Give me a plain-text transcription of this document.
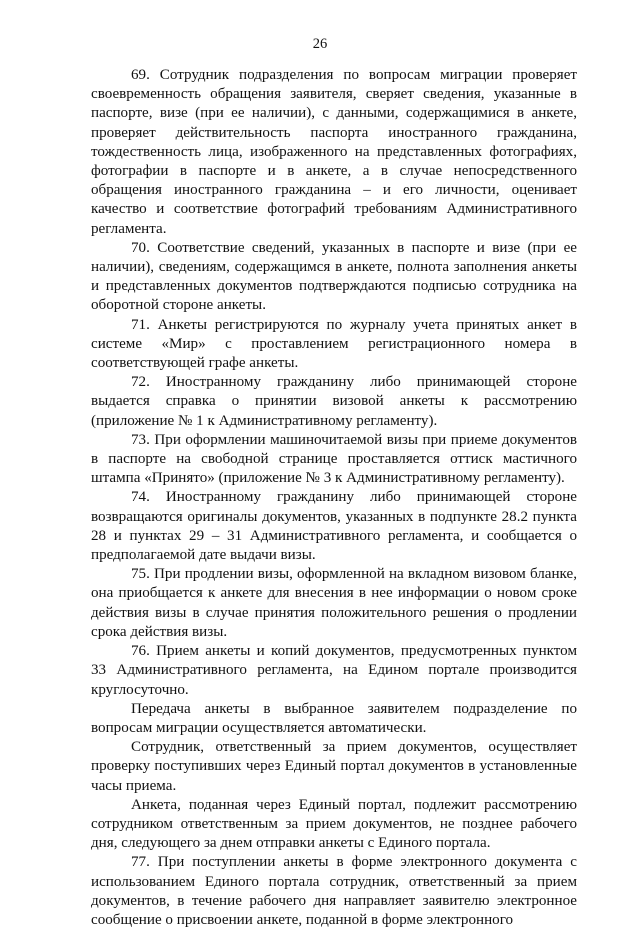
26

69. Сотрудник подразделения по вопросам миграции проверяет своевременность обращения заявителя, сверяет сведения, указанные в паспорте, визе (при ее наличии), с данными, содержащимися в анкете, проверяет действительность паспорта иностранного гражданина, тождественность лица, изображенного на представленных фотографиях, фотографии в паспорте и в анкете, а в случае непосредственного обращения иностранного гражданина – и его личности, оценивает качество и соответствие фотографий требованиям Административного регламента.

70. Соответствие сведений, указанных в паспорте и визе (при ее наличии), сведениям, содержащимся в анкете, полнота заполнения анкеты и представленных документов подтверждаются подписью сотрудника на оборотной стороне анкеты.

71. Анкеты регистрируются по журналу учета принятых анкет в системе «Мир» с проставлением регистрационного номера в соответствующей графе анкеты.

72. Иностранному гражданину либо принимающей стороне выдается справка о принятии визовой анкеты к рассмотрению (приложение № 1 к Административному регламенту).

73. При оформлении машиночитаемой визы при приеме документов в паспорте на свободной странице проставляется оттиск мастичного штампа «Принято» (приложение № 3 к Административному регламенту).

74. Иностранному гражданину либо принимающей стороне возвращаются оригиналы документов, указанных в подпункте 28.2 пункта 28 и пунктах 29 – 31 Административного регламента, и сообщается о предполагаемой дате выдачи визы.

75. При продлении визы, оформленной на вкладном визовом бланке, она приобщается к анкете для внесения в нее информации о новом сроке действия визы в случае принятия положительного решения о продлении срока действия визы.

76. Прием анкеты и копий документов, предусмотренных пунктом 33 Административного регламента, на Едином портале производится круглосуточно.

Передача анкеты в выбранное заявителем подразделение по вопросам миграции осуществляется автоматически.

Сотрудник, ответственный за прием документов, осуществляет проверку поступивших через Единый портал документов в установленные часы приема.

Анкета, поданная через Единый портал, подлежит рассмотрению сотрудником ответственным за прием документов, не позднее рабочего дня, следующего за днем отправки анкеты с Единого портала.

77. При поступлении анкеты в форме электронного документа с использованием Единого портала сотрудник, ответственный за прием документов, в течение рабочего дня направляет заявителю электронное сообщение о присвоении анкете, поданной в форме электронного
